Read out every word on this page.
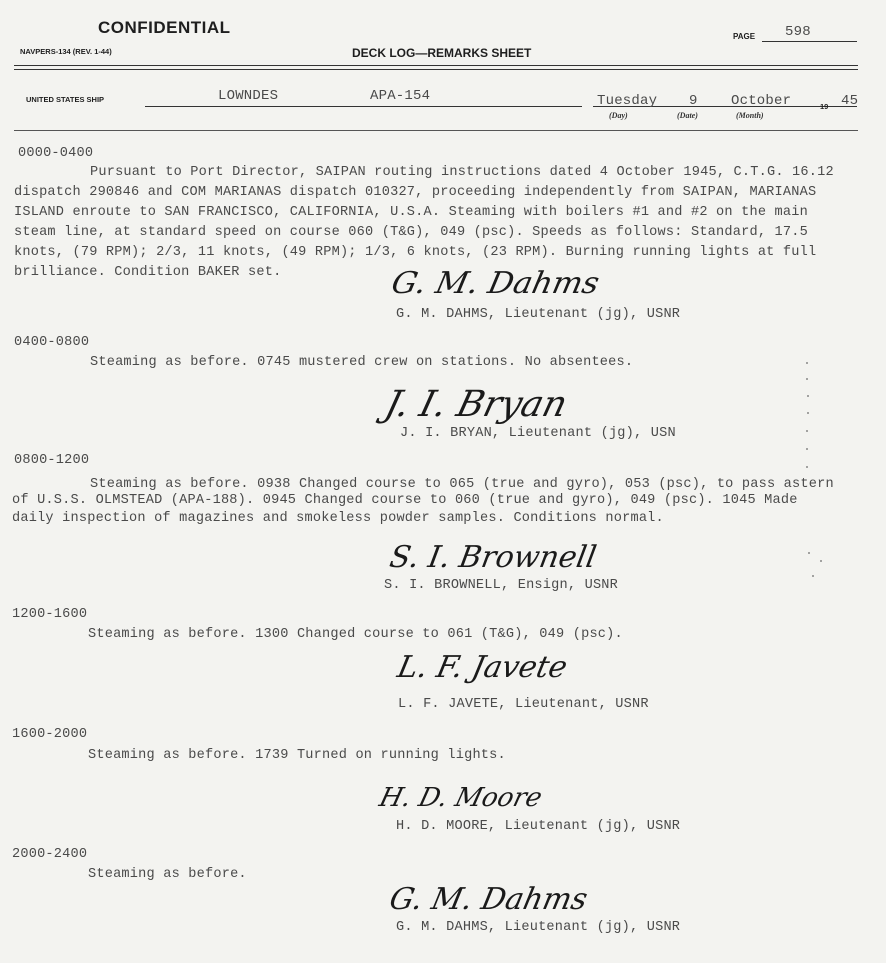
CONFIDENTIAL
NAVPERS-134 (REV. 1-44)	DECK LOG—REMARKS SHEET
PAGE 598
UNITED STATES SHIP	LOWNDES	APA-154	Tuesday 9 October	19 45
(Day)	(Date)	(Month)
0000-0400
Pursuant to Port Director, SAIPAN routing instructions dated 4 October 1945, C.T.G. 16.12
dispatch 290846 and COM MARIANAS dispatch 010327, proceeding independently from SAIPAN, MARIANAS
ISLAND enroute to SAN FRANCISCO, CALIFORNIA, U.S.A. Steaming with boilers #1 and #2 on the main
steam line, at standard speed on course 060 (T&G), 049 (psc). Speeds as follows: Standard, 17.5
knots, (79 RPM); 2/3, 11 knots, (49 RPM); 1/3, 6 knots, (23 RPM). Burning running lights at full
brilliance. Condition BAKER set.	G. M. Dahms
G. M. DAHMS, Lieutenant (jg), USNR
0400-0800
Steaming as before. 0745 mustered crew on stations. No absentees.
J. I. Bryan
J. I. BRYAN, Lieutenant (jg), USN
0800-1200
Steaming as before. 0938 Changed course to 065 (true and gyro), 053 (psc), to pass astern
of U.S.S. OLMSTEAD (APA-188). 0945 Changed course to 060 (true and gyro), 049 (psc). 1045 Made
daily inspection of magazines and smokeless powder samples. Conditions normal.
S. I. Brownell
S. I. BROWNELL, Ensign, USNR
1200-1600
Steaming as before. 1300 Changed course to 061 (T&G), 049 (psc).
L. F. Javete
L. F. JAVETE, Lieutenant, USNR
1600-2000
Steaming as before. 1739 Turned on running lights.
H. D. Moore
H. D. MOORE, Lieutenant (jg), USNR
2000-2400
Steaming as before.
G. M. Dahms
G. M. DAHMS, Lieutenant (jg), USNR
